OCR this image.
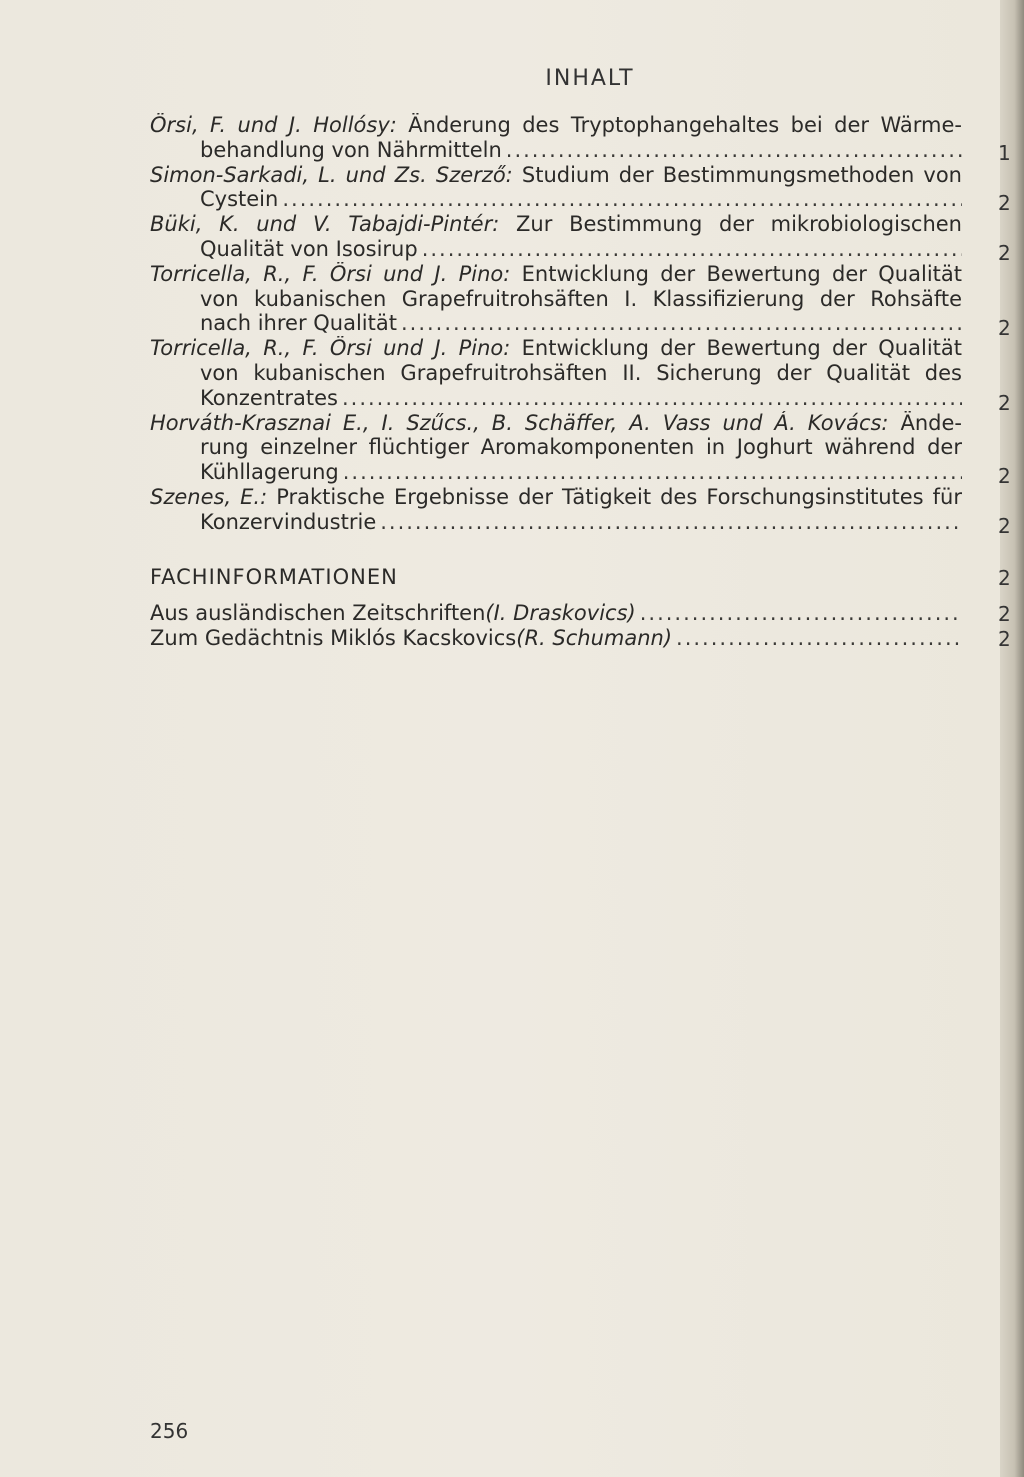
INHALT
Örsi, F. und J. Hollósy: Änderung des Tryptophangehaltes bei der Wärme-
behandlung von Nährmitteln
.....
Simon-Sarkadi, L. und Zs. Szerző: Studium der Bestimmungsmethoden von
Cystein
.....
Büki, K. und V. Tabajdi-Pintér: Zur Bestimmung der mikrobiologischen
Qualität von Isosirup
.....
Torricella, R., F. Örsi und J. Pino: Entwicklung der Bewertung der Qualität
von kubanischen Grapefruitrohsäften I. Klassifizierung der Rohsäfte
nach ihrer Qualität
.....
Torricella, R., F. Örsi und J. Pino: Entwicklung der Bewertung der Qualität
von kubanischen Grapefruitrohsäften II. Sicherung der Qualität des
Konzentrates
.....
Horváth-Krasznai E., I. Szűcs., B. Schäffer, A. Vass und Á. Kovács: Ände-
rung einzelner flüchtiger Aromakomponenten in Joghurt während der
Kühllagerung
.....
Szenes, E.: Praktische Ergebnisse der Tätigkeit des Forschungsinstitutes für
Konzervindustrie
.....
1
2
2
2
2
2
2
FACHINFORMATIONEN	2
Aus ausländischen Zeitschriften (I. Draskovics)
.....
Zum Gedächtnis Miklós Kacskovics (R. Schumann)
.....
2
2
256
